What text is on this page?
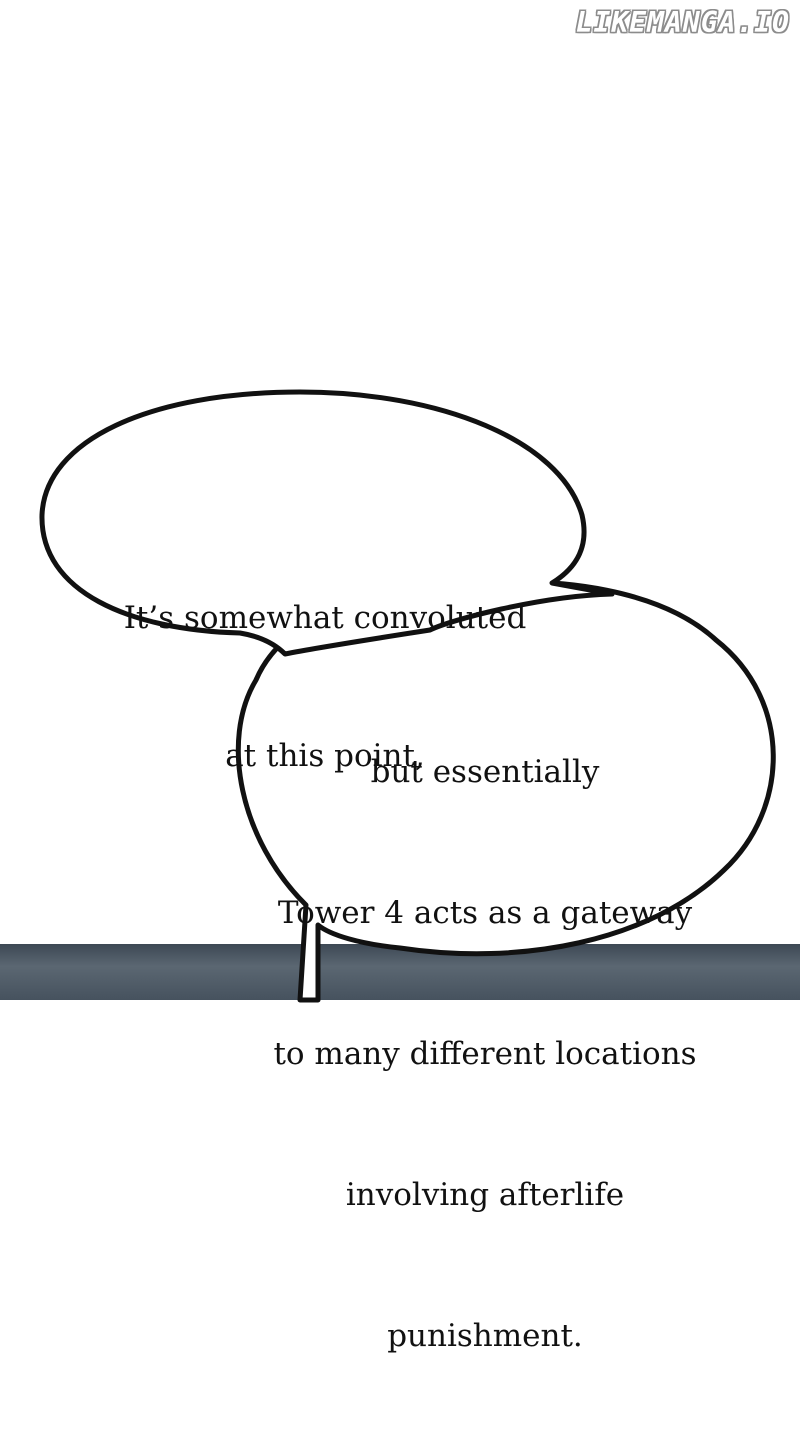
LIKEMANGA.IO

It’s somewhat convoluted

at this point,

but essentially

Tower 4 acts as a gateway

to many different locations

involving afterlife

punishment.
